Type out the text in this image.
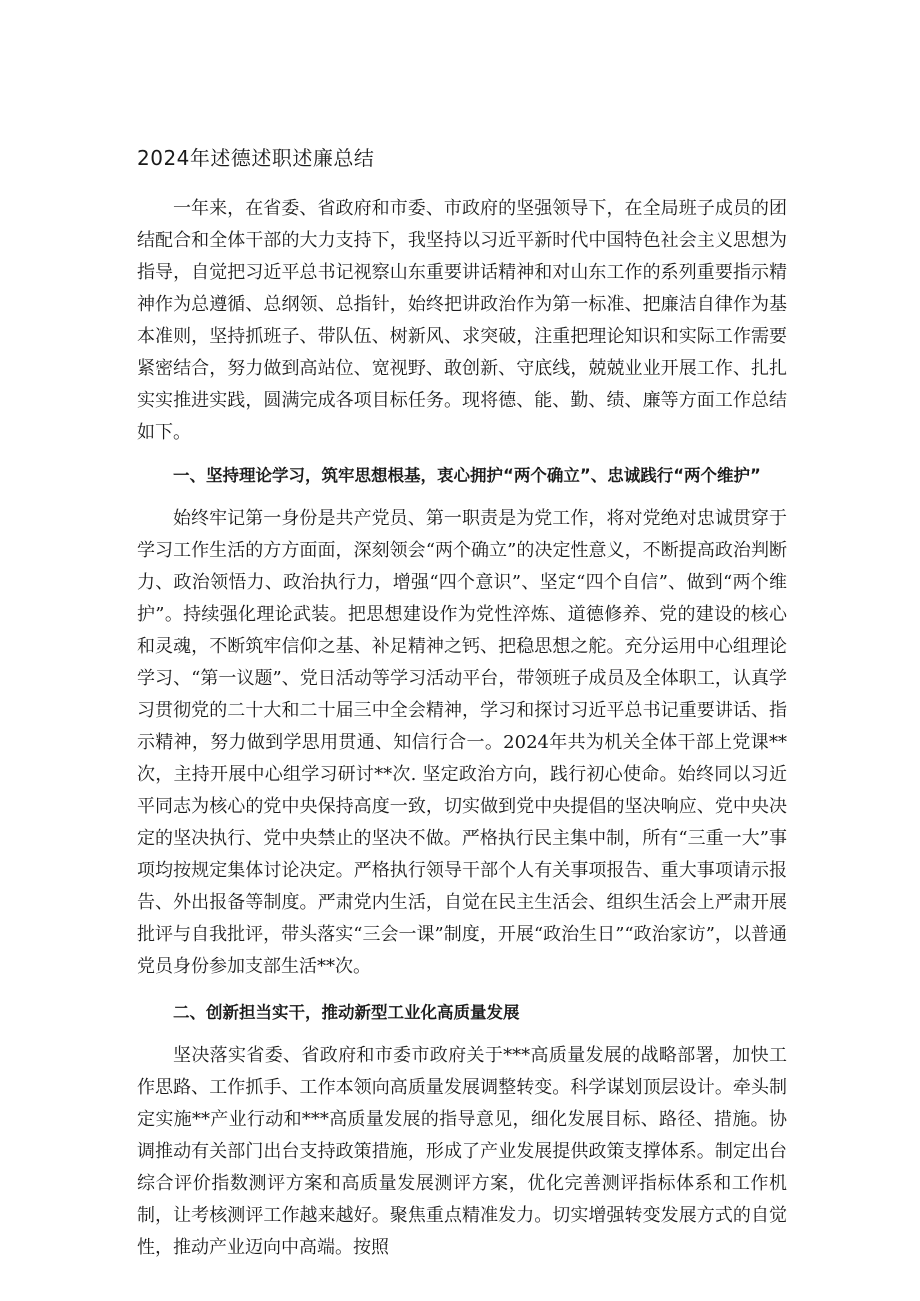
2024年述德述职述廉总结

一年来，在省委、省政府和市委、市政府的坚强领导下，在全局班子成员的团结配合和全体干部的大力支持下，我坚持以习近平新时代中国特色社会主义思想为指导，自觉把习近平总书记视察山东重要讲话精神和对山东工作的系列重要指示精神作为总遵循、总纲领、总指针，始终把讲政治作为第一标准、把廉洁自律作为基本准则，坚持抓班子、带队伍、树新风、求突破，注重把理论知识和实际工作需要紧密结合，努力做到高站位、宽视野、敢创新、守底线，兢兢业业开展工作、扎扎实实推进实践，圆满完成各项目标任务。现将德、能、勤、绩、廉等方面工作总结如下。

一、坚持理论学习，筑牢思想根基，衷心拥护“两个确立”、忠诚践行“两个维护”

始终牢记第一身份是共产党员、第一职责是为党工作，将对党绝对忠诚贯穿于学习工作生活的方方面面，深刻领会“两个确立”的决定性意义，不断提高政治判断力、政治领悟力、政治执行力，增强“四个意识”、坚定“四个自信”、做到“两个维护”。持续强化理论武装。把思想建设作为党性淬炼、道德修养、党的建设的核心和灵魂，不断筑牢信仰之基、补足精神之钙、把稳思想之舵。充分运用中心组理论学习、“第一议题”、党日活动等学习活动平台，带领班子成员及全体职工，认真学习贯彻党的二十大和二十届三中全会精神，学习和探讨习近平总书记重要讲话、指示精神，努力做到学思用贯通、知信行合一。2024年共为机关全体干部上党课**次，主持开展中心组学习研讨**次. 坚定政治方向，践行初心使命。始终同以习近平同志为核心的党中央保持高度一致，切实做到党中央提倡的坚决响应、党中央决定的坚决执行、党中央禁止的坚决不做。严格执行民主集中制，所有“三重一大”事项均按规定集体讨论决定。严格执行领导干部个人有关事项报告、重大事项请示报告、外出报备等制度。严肃党内生活，自觉在民主生活会、组织生活会上严肃开展批评与自我批评，带头落实“三会一课”制度，开展“政治生日”“政治家访”，以普通党员身份参加支部生活**次。

二、创新担当实干，推动新型工业化高质量发展

坚决落实省委、省政府和市委市政府关于***高质量发展的战略部署，加快工作思路、工作抓手、工作本领向高质量发展调整转变。科学谋划顶层设计。牵头制定实施**产业行动和***高质量发展的指导意见，细化发展目标、路径、措施。协调推动有关部门出台支持政策措施，形成了产业发展提供政策支撑体系。制定出台综合评价指数测评方案和高质量发展测评方案，优化完善测评指标体系和工作机制，让考核测评工作越来越好。聚焦重点精准发力。切实增强转变发展方式的自觉性，推动产业迈向中高端。按照
